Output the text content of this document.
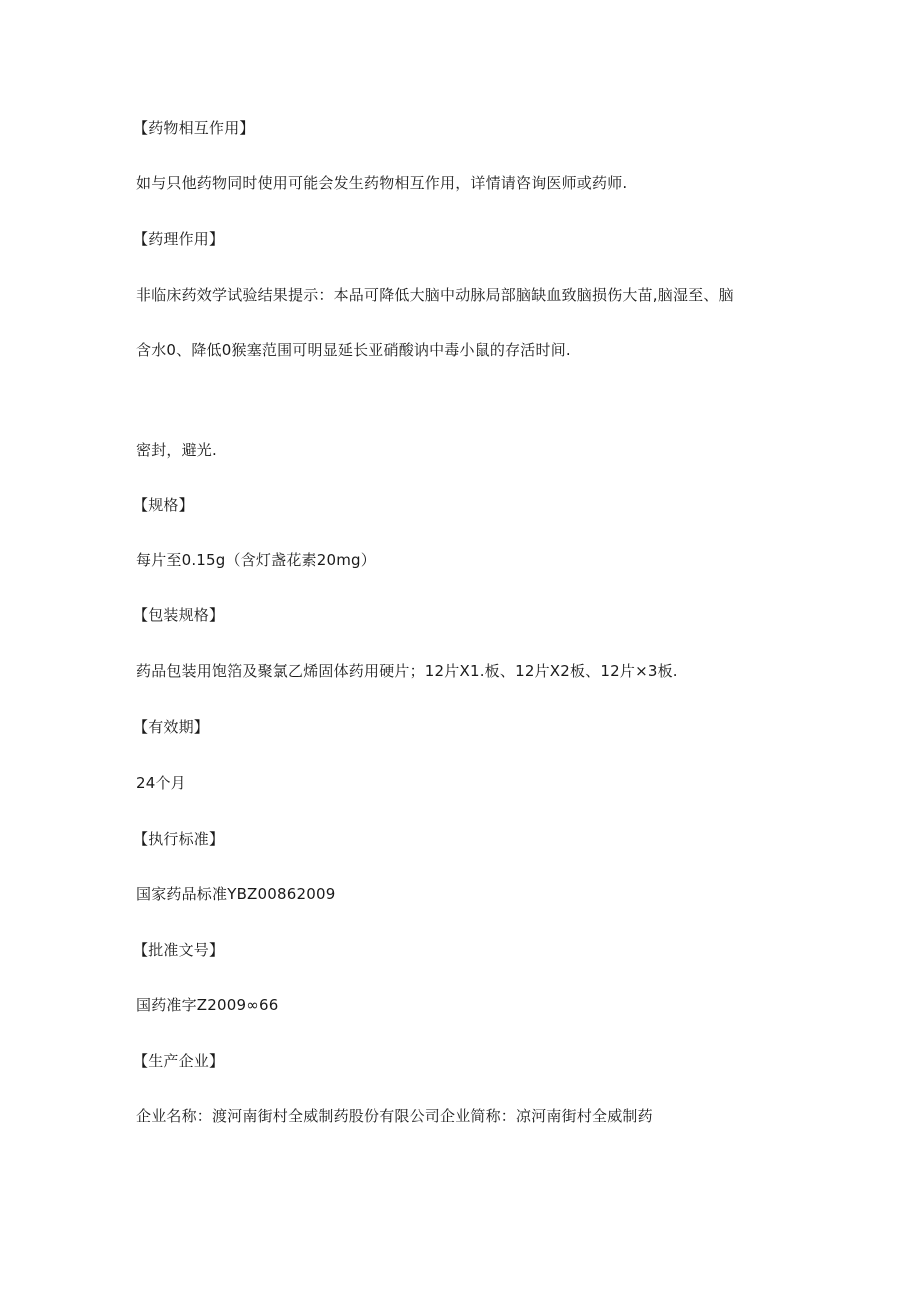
【药物相互作用】
如与只他药物同时使用可能会发生药物相互作用，详情请咨询医师或药师.
【药理作用】
非临床药效学试验结果提示：本品可降低大脑中动脉局部脑缺血致脑损伤大苗,脑湿至、脑
含水0、降低0猴塞范围可明显延长亚硝酸讷中毒小鼠的存活时间.
密封，避光.
【规格】
每片至0.15g（含灯盏花素20mg）
【包装规格】
药品包装用饱箔及聚氯乙烯固体药用硬片；12片X1.板、12片X2板、12片×3板.
【有效期】
24个月
【执行标准】
国家药品标准YBZ00862009
【批准文号】
国药准字Z2009∞66
【生产企业】
企业名称：渡河南街村全威制药股份有限公司企业简称：凉河南街村全威制药
